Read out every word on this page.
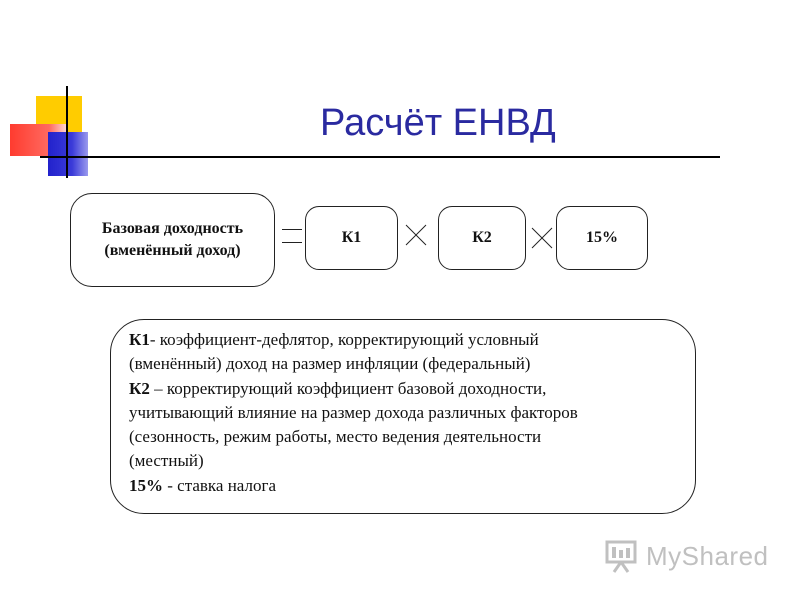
Расчёт ЕНВД
Базовая доходность
(вменённый доход)
К1	К2	15%
К1- коэффициент-дефлятор, корректирующий условный
(вменённый) доход на размер инфляции (федеральный)
К2 – корректирующий коэффициент базовой доходности,
учитывающий влияние на размер дохода различных факторов
(сезонность, режим работы, место ведения деятельности
(местный)
15% - ставка налога
MyShared
